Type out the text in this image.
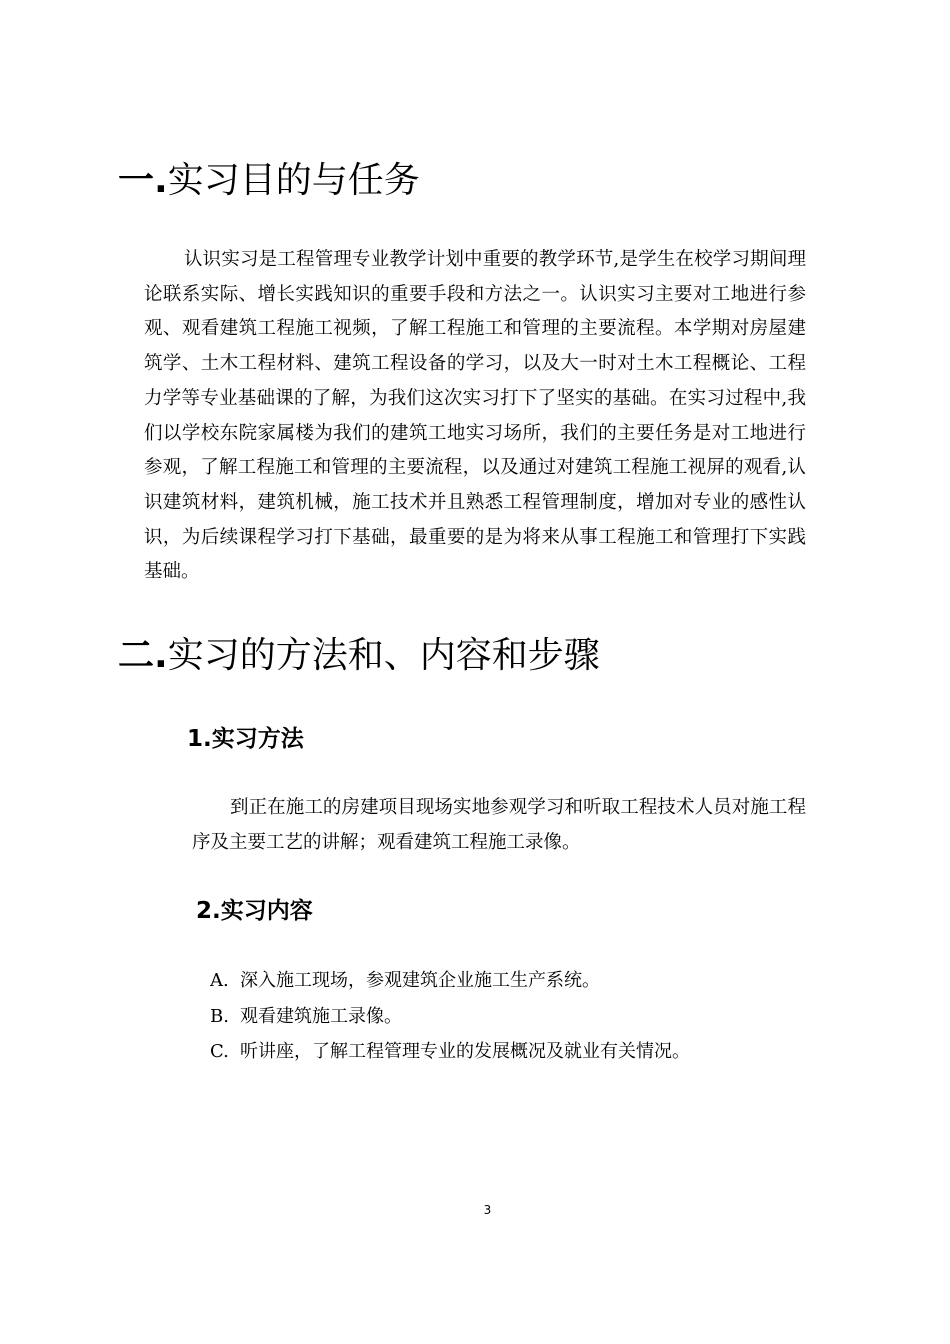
一.实习目的与任务

认识实习是工程管理专业教学计划中重要的教学环节,是学生在校学习期间理论联系实际、增长实践知识的重要手段和方法之一。认识实习主要对工地进行参观、观看建筑工程施工视频，了解工程施工和管理的主要流程。本学期对房屋建筑学、土木工程材料、建筑工程设备的学习，以及大一时对土木工程概论、工程力学等专业基础课的了解，为我们这次实习打下了坚实的基础。在实习过程中,我们以学校东院家属楼为我们的建筑工地实习场所，我们的主要任务是对工地进行参观，了解工程施工和管理的主要流程，以及通过对建筑工程施工视屏的观看,认识建筑材料，建筑机械，施工技术并且熟悉工程管理制度，增加对专业的感性认识，为后续课程学习打下基础，最重要的是为将来从事工程施工和管理打下实践基础。

二.实习的方法和、内容和步骤
1.实习方法

到正在施工的房建项目现场实地参观学习和听取工程技术人员对施工程序及主要工艺的讲解；观看建筑工程施工录像。

2.实习内容
A. 深入施工现场，参观建筑企业施工生产系统。
B. 观看建筑施工录像。
C. 听讲座，了解工程管理专业的发展概况及就业有关情况。
3
